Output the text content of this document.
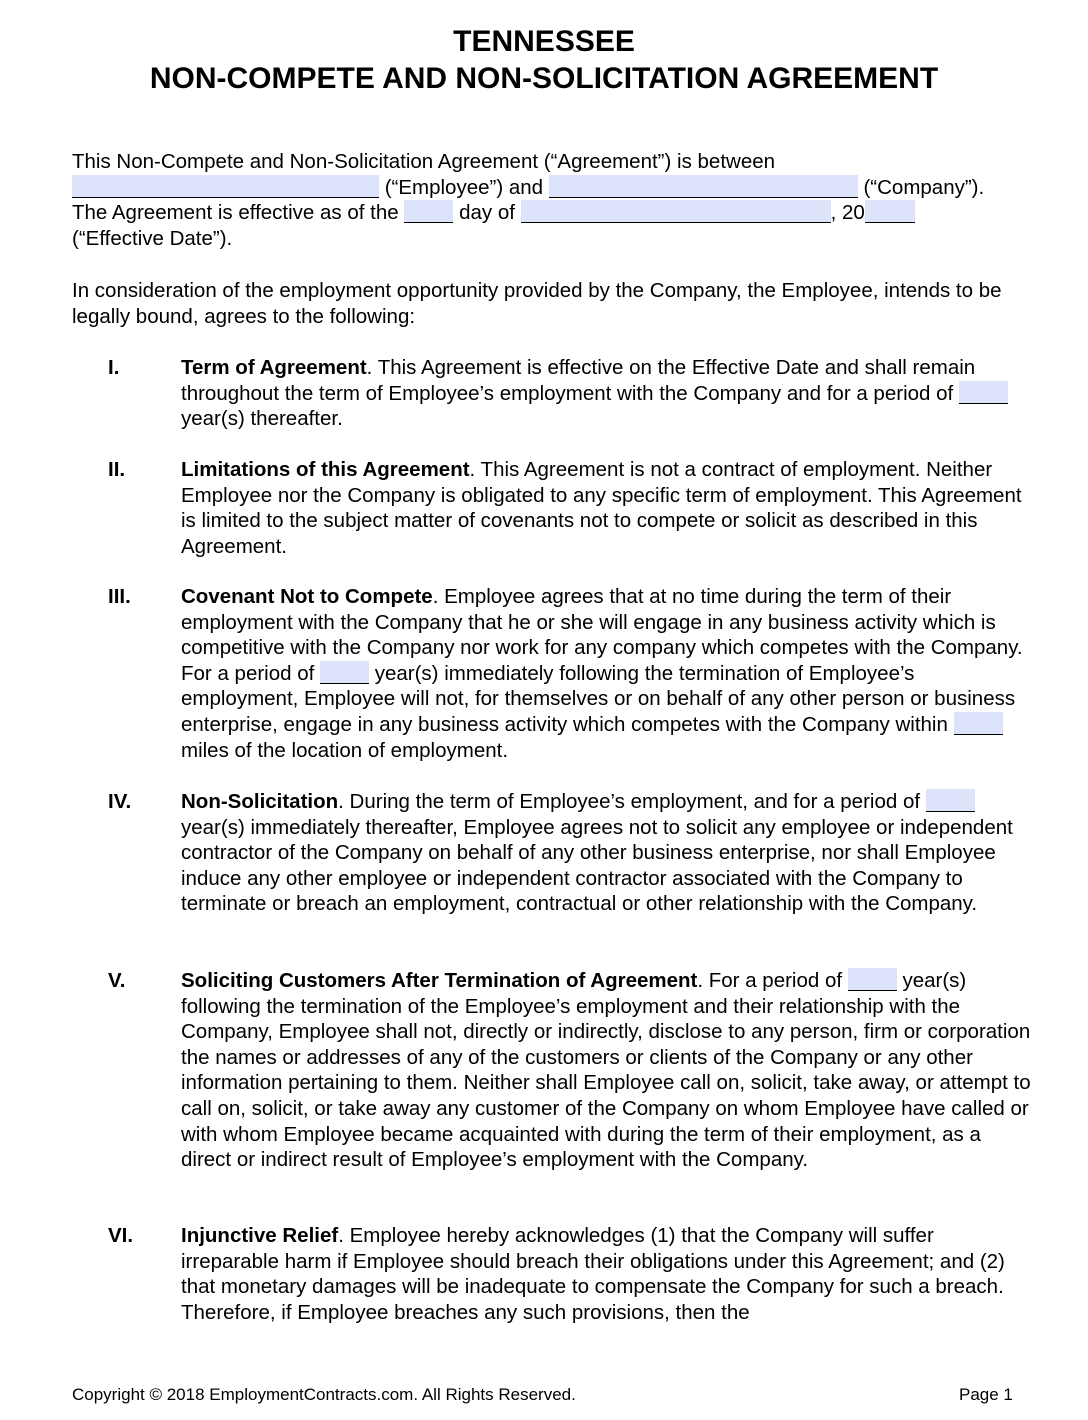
TENNESSEE
NON-COMPETE AND NON-SOLICITATION AGREEMENT
This Non-Compete and Non-Solicitation Agreement (“Agreement”) is between
(“Employee”) and	(“Company”).
The Agreement is effective as of the  day of	, 20
(“Effective Date”).
In consideration of the employment opportunity provided by the Company, the Employee, intends to be legally bound, agrees to the following:
I.	Term of Agreement. This Agreement is effective on the Effective Date and shall remain throughout the term of Employee’s employment with the Company and for a period of  year(s) thereafter.
II.	Limitations of this Agreement. This Agreement is not a contract of employment. Neither Employee nor the Company is obligated to any specific term of employment. This Agreement is limited to the subject matter of covenants not to compete or solicit as described in this Agreement.
III. Covenant Not to Compete. Employee agrees that at no time during the term of their employment with the Company that he or she will engage in any business activity which is competitive with the Company nor work for any company which competes with the Company. For a period of  year(s) immediately following the termination of Employee’s employment, Employee will not, for themselves or on behalf of any other person or business enterprise, engage in any business activity which competes with the Company within  miles of the location of employment.
IV. Non-Solicitation. During the term of Employee’s employment, and for a period of  year(s) immediately thereafter, Employee agrees not to solicit any employee or independent contractor of the Company on behalf of any other business enterprise, nor shall Employee induce any other employee or independent contractor associated with the Company to terminate or breach an employment, contractual or other relationship with the Company.
V.	Soliciting Customers After Termination of Agreement. For a period of  year(s) following the termination of the Employee’s employment and their relationship with the Company, Employee shall not, directly or indirectly, disclose to any person, firm or corporation the names or addresses of any of the customers or clients of the Company or any other information pertaining to them. Neither shall Employee call on, solicit, take away, or attempt to call on, solicit, or take away any customer of the Company on whom Employee have called or with whom Employee became acquainted with during the term of their employment, as a direct or indirect result of Employee’s employment with the Company.
VI. Injunctive Relief. Employee hereby acknowledges (1) that the Company will suffer irreparable harm if Employee should breach their obligations under this Agreement; and (2) that monetary damages will be inadequate to compensate the Company for such a breach. Therefore, if Employee breaches any such provisions, then the
Copyright © 2018 EmploymentContracts.com. All Rights Reserved.	Page 1
